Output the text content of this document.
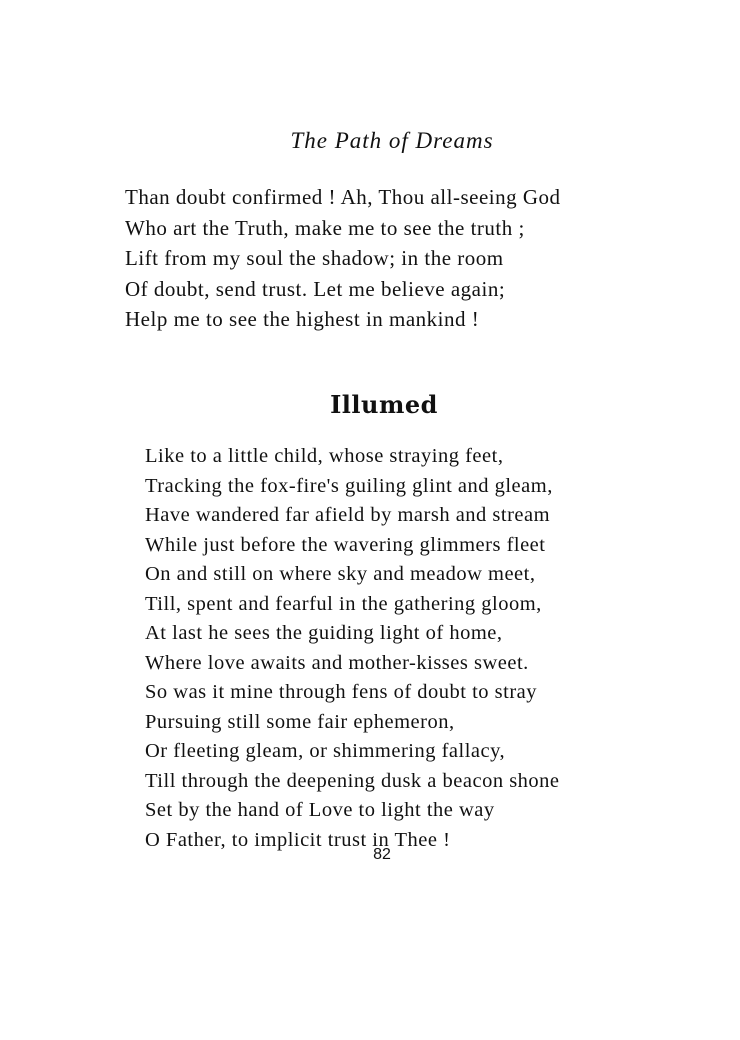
The Path of Dreams
Than doubt confirmed ! Ah, Thou all-seeing God
Who art the Truth, make me to see the truth ;
Lift from my soul the shadow; in the room
Of doubt, send trust. Let me believe again;
Help me to see the highest in mankind !
Illumed
Like to a little child, whose straying feet,
Tracking the fox-fire's guiling glint and gleam,
Have wandered far afield by marsh and stream
While just before the wavering glimmers fleet
On and still on where sky and meadow meet,
Till, spent and fearful in the gathering gloom,
At last he sees the guiding light of home,
Where love awaits and mother-kisses sweet.
So was it mine through fens of doubt to stray
Pursuing still some fair ephemeron,
Or fleeting gleam, or shimmering fallacy,
Till through the deepening dusk a beacon shone
Set by the hand of Love to light the way
O Father, to implicit trust in Thee !
82
